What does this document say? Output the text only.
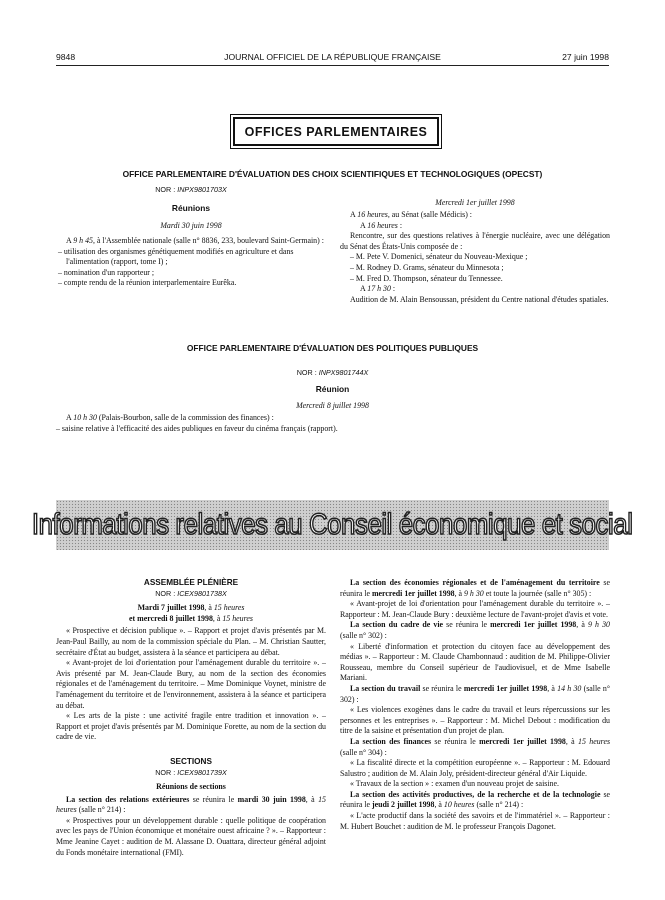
9848	JOURNAL OFFICIEL DE LA RÉPUBLIQUE FRANÇAISE	27 juin 1998
OFFICES PARLEMENTAIRES
OFFICE PARLEMENTAIRE D'ÉVALUATION DES CHOIX SCIENTIFIQUES ET TECHNOLOGIQUES (OPECST)
NOR : INPX9801703X
Réunions
Mardi 30 juin 1998
A 9 h 45, à l'Assemblée nationale (salle n° 8836, 233, boulevard Saint-Germain) :
– utilisation des organismes génétiquement modifiés en agriculture et dans l'alimentation (rapport, tome I) ;
– nomination d'un rapporteur ;
– compte rendu de la réunion interparlementaire Eurêka.
Mercredi 1er juillet 1998
A 16 heures, au Sénat (salle Médicis) :
A 16 heures :
Rencontre, sur des questions relatives à l'énergie nucléaire, avec une délégation du Sénat des États-Unis composée de :
– M. Pete V. Domenici, sénateur du Nouveau-Mexique ;
– M. Rodney D. Grams, sénateur du Minnesota ;
– M. Fred D. Thompson, sénateur du Tennessee.
A 17 h 30 :
Audition de M. Alain Bensoussan, président du Centre national d'études spatiales.
OFFICE PARLEMENTAIRE D'ÉVALUATION DES POLITIQUES PUBLIQUES
NOR : INPX9801744X
Réunion
Mercredi 8 juillet 1998
A 10 h 30 (Palais-Bourbon, salle de la commission des finances) :
– saisine relative à l'efficacité des aides publiques en faveur du cinéma français (rapport).
Informations relatives au Conseil économique et social
ASSEMBLÉE PLÉNIÈRE
NOR : ICEX9801738X
Mardi 7 juillet 1998, à 15 heures
et mercredi 8 juillet 1998, à 15 heures

« Prospective et décision publique ». – Rapport et projet d'avis présentés par M. Jean-Paul Bailly, au nom de la commission spéciale du Plan. – M. Christian Sautter, secrétaire d'État au budget, assistera à la séance et participera au débat.

« Avant-projet de loi d'orientation pour l'aménagement durable du territoire ». – Avis présenté par M. Jean-Claude Bury, au nom de la section des économies régionales et de l'aménagement du territoire. – Mme Dominique Voynet, ministre de l'aménagement du territoire et de l'environnement, assistera à la séance et participera au débat.

« Les arts de la piste : une activité fragile entre tradition et innovation ». – Rapport et projet d'avis présentés par M. Dominique Forette, au nom de la section du cadre de vie.

SECTIONS
NOR : ICEX9801739X
Réunions de sections

La section des relations extérieures se réunira le mardi 30 juin 1998, à 15 heures (salle n° 214) :

« Prospectives pour un développement durable : quelle politique de coopération avec les pays de l'Union économique et monétaire ouest africaine ? ». – Rapporteur : Mme Jeanine Cayet : audition de M. Alassane D. Ouattara, directeur général adjoint du Fonds monétaire international (FMI).

La section des économies régionales et de l'aménagement du territoire se réunira le mercredi 1er juillet 1998, à 9 h 30 et toute la journée (salle n° 305) :

« Avant-projet de loi d'orientation pour l'aménagement durable du territoire ». – Rapporteur : M. Jean-Claude Bury : deuxième lecture de l'avant-projet d'avis et vote.

La section du cadre de vie se réunira le mercredi 1er juillet 1998, à 9 h 30 (salle n° 302) :

« Liberté d'information et protection du citoyen face au développement des médias ». – Rapporteur : M. Claude Chambonnaud : audition de M. Philippe-Olivier Rousseau, membre du Conseil supérieur de l'audiovisuel, et de Mme Isabelle Mariani.

La section du travail se réunira le mercredi 1er juillet 1998, à 14 h 30 (salle n° 302) :

« Les violences exogènes dans le cadre du travail et leurs répercussions sur les personnes et les entreprises ». – Rapporteur : M. Michel Debout : modification du titre de la saisine et présentation d'un projet de plan.

La section des finances se réunira le mercredi 1er juillet 1998, à 15 heures (salle n° 304) :

« La fiscalité directe et la compétition européenne ». – Rapporteur : M. Edouard Salustro ; audition de M. Alain Joly, président-directeur général d'Air Liquide.

« Travaux de la section » : examen d'un nouveau projet de saisine.

La section des activités productives, de la recherche et de la technologie se réunira le jeudi 2 juillet 1998, à 10 heures (salle n° 214) :

« L'acte productif dans la société des savoirs et de l'immatériel ». – Rapporteur : M. Hubert Bouchet : audition de M. le professeur François Dagonet.
